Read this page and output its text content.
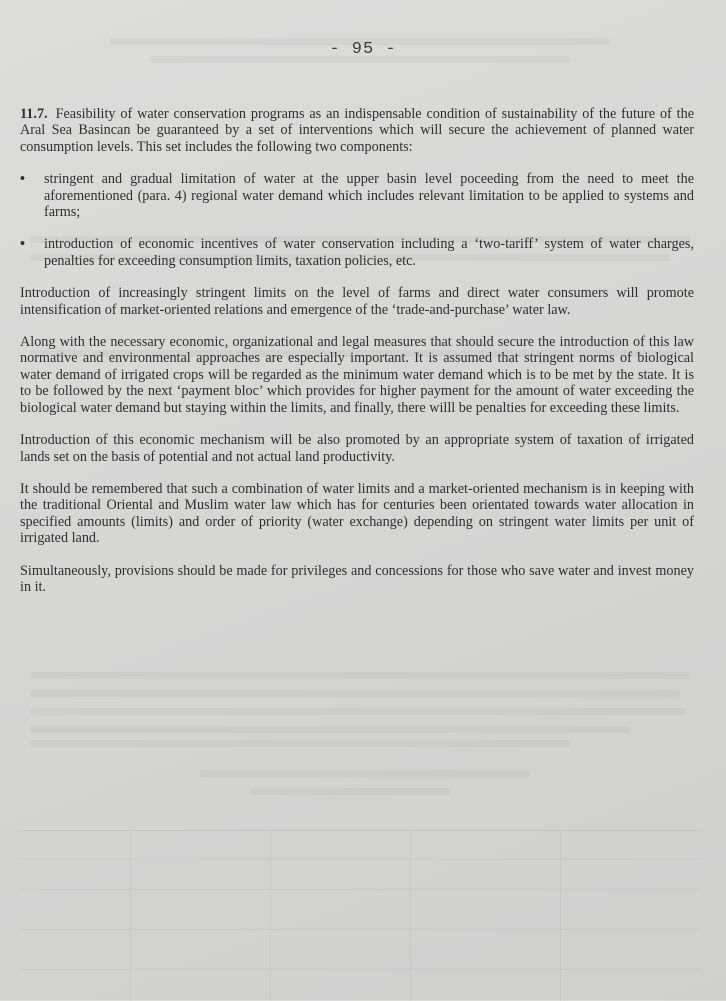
- 95 -

11.7. Feasibility of water conservation programs as an indispensable condition of sustainability of the future of the Aral Sea Basincan be guaranteed by a set of interventions which will secure the achievement of planned water consumption levels. This set includes the following two components:

• stringent and gradual limitation of water at the upper basin level poceeding from the need to meet the aforementioned (para. 4) regional water demand which includes relevant limitation to be applied to systems and farms;
• introduction of economic incentives of water conservation including a ‘two-tariff’ system of water charges, penalties for exceeding consumption limits, taxation policies, etc.

Introduction of increasingly stringent limits on the level of farms and direct water consumers will promote intensification of market-oriented relations and emergence of the ‘trade-and-purchase’ water law.

Along with the necessary economic, organizational and legal measures that should secure the introduction of this law normative and environmental approaches are especially important. It is assumed that stringent norms of biological water demand of irrigated crops will be regarded as the minimum water demand which is to be met by the state. It is to be followed by the next ‘payment bloc’ which provides for higher payment for the amount of water exceeding the biological water demand but staying within the limits, and finally, there willl be penalties for exceeding these limits.

Introduction of this economic mechanism will be also promoted by an appropriate system of taxation of irrigated lands set on the basis of potential and not actual land productivity.

It should be remembered that such a combination of water limits and a market-oriented mechanism is in keeping with the traditional Oriental and Muslim water law which has for centuries been orientated towards water allocation in specified amounts (limits) and order of priority (water exchange) depending on stringent water limits per unit of irrigated land.

Simultaneously, provisions should be made for privileges and concessions for those who save water and invest money in it.
